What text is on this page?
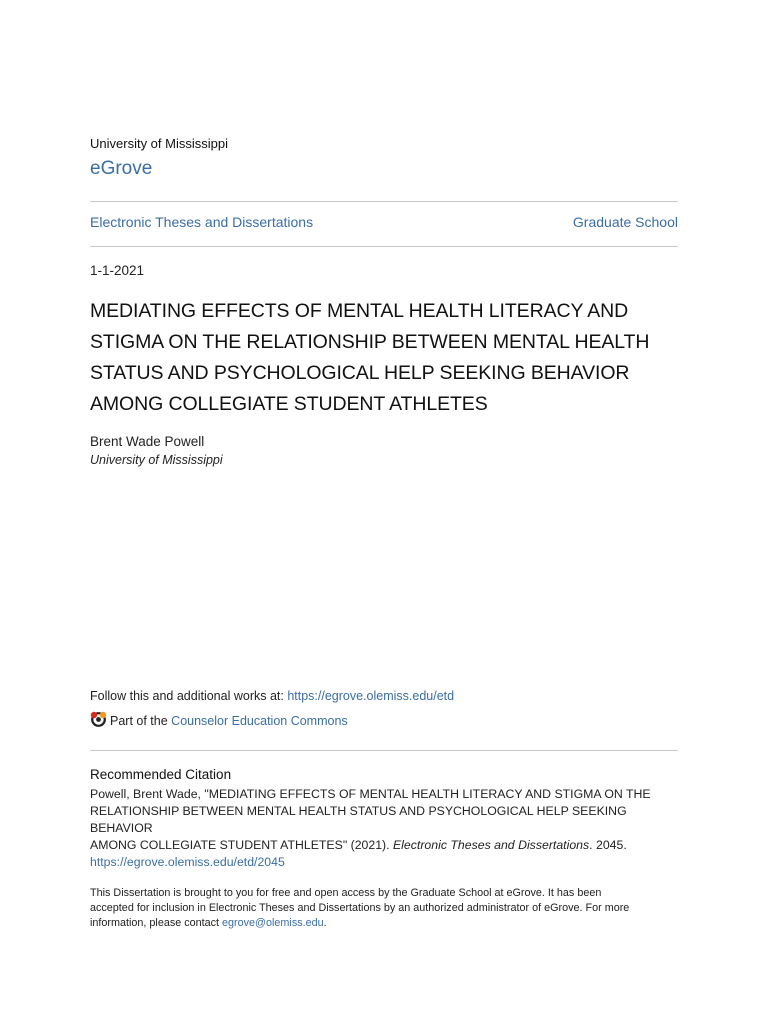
University of Mississippi
eGrove
Electronic Theses and Dissertations	Graduate School
1-1-2021
MEDIATING EFFECTS OF MENTAL HEALTH LITERACY AND
STIGMA ON THE RELATIONSHIP BETWEEN MENTAL HEALTH
STATUS AND PSYCHOLOGICAL HELP SEEKING BEHAVIOR
AMONG COLLEGIATE STUDENT ATHLETES
Brent Wade Powell
University of Mississippi
Follow this and additional works at: https://egrove.olemiss.edu/etd
Part of the
Counselor Education Commons
Recommended Citation
Powell, Brent Wade, "MEDIATING EFFECTS OF MENTAL HEALTH LITERACY AND STIGMA ON THE
RELATIONSHIP BETWEEN MENTAL HEALTH STATUS AND PSYCHOLOGICAL HELP SEEKING BEHAVIOR
AMONG COLLEGIATE STUDENT ATHLETES" (2021). Electronic Theses and Dissertations. 2045.
https://egrove.olemiss.edu/etd/2045
This Dissertation is brought to you for free and open access by the Graduate School at eGrove. It has been
accepted for inclusion in Electronic Theses and Dissertations by an authorized administrator of eGrove. For more
information, please contact egrove@olemiss.edu.
